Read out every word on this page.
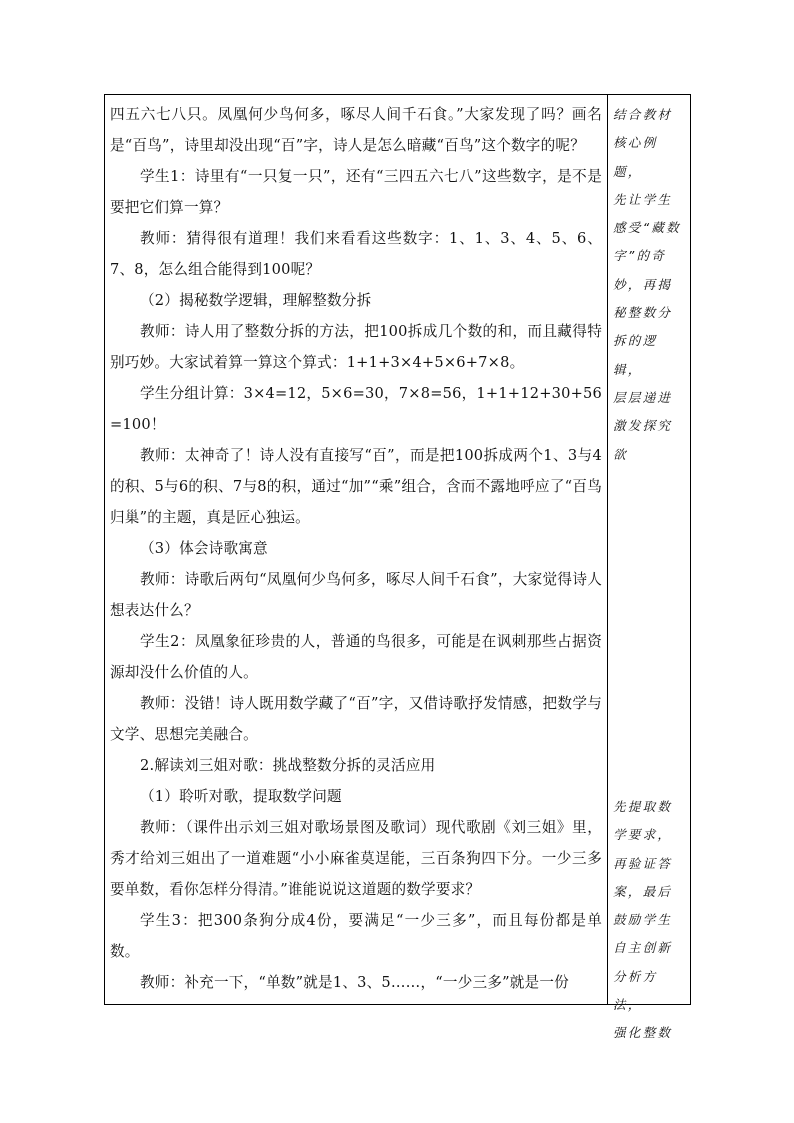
四五六七八只。凤凰何少鸟何多，啄尽人间千石食。”大家发现了吗？画名是“百鸟”，诗里却没出现“百”字，诗人是怎么暗藏“百鸟”这个数字的呢？

学生1：诗里有“一只复一只”，还有“三四五六七八”这些数字，是不是要把它们算一算？

教师：猜得很有道理！我们来看看这些数字：1、1、3、4、5、6、7、8，怎么组合能得到100呢？

（2）揭秘数学逻辑，理解整数分拆

教师：诗人用了整数分拆的方法，把100拆成几个数的和，而且藏得特别巧妙。大家试着算一算这个算式：1+1+3×4+5×6+7×8。

学生分组计算：3×4=12，5×6=30，7×8=56，1+1+12+30+56=100！

教师：太神奇了！诗人没有直接写“百”，而是把100拆成两个1、3与4的积、5与6的积、7与8的积，通过“加”“乘”组合，含而不露地呼应了“百鸟归巢”的主题，真是匠心独运。

（3）体会诗歌寓意

教师：诗歌后两句“凤凰何少鸟何多，啄尽人间千石食”，大家觉得诗人想表达什么？

学生2：凤凰象征珍贵的人，普通的鸟很多，可能是在讽刺那些占据资源却没什么价值的人。

教师：没错！诗人既用数学藏了“百”字，又借诗歌抒发情感，把数学与文学、思想完美融合。

2.解读刘三姐对歌：挑战整数分拆的灵活应用

（1）聆听对歌，提取数学问题

教师：（课件出示刘三姐对歌场景图及歌词）现代歌剧《刘三姐》里，秀才给刘三姐出了一道难题“小小麻雀莫逞能，三百条狗四下分。一少三多要单数，看你怎样分得清。”谁能说说这道题的数学要求？

学生3：把300条狗分成4份，要满足“一少三多”，而且每份都是单数。

教师：补充一下，“单数”就是1、3、5……，“一少三多”就是一份

结合教材

核心例题，

先让学生

感受“藏数

字”的奇

妙，再揭

秘整数分

拆的逻辑，

层层递进

激发探究

欲

先提取数

学要求，

再验证答

案，最后

鼓励学生

自主创新

分析方法，

强化整数
